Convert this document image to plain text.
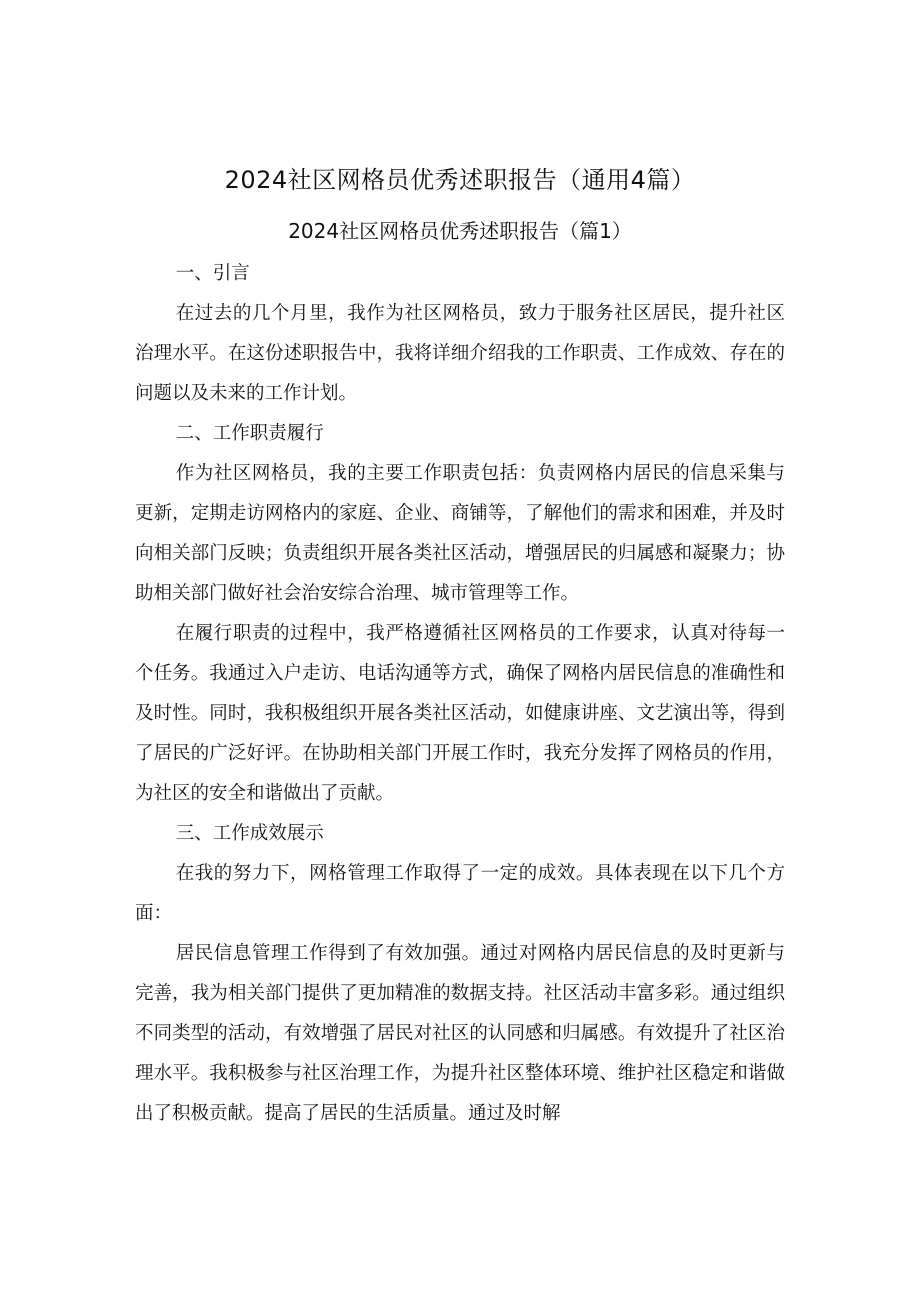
2024社区网格员优秀述职报告（通用4篇）
2024社区网格员优秀述职报告（篇1）
一、引言

在过去的几个月里，我作为社区网格员，致力于服务社区居民，提升社区治理水平。在这份述职报告中，我将详细介绍我的工作职责、工作成效、存在的问题以及未来的工作计划。

二、工作职责履行

作为社区网格员，我的主要工作职责包括：负责网格内居民的信息采集与更新，定期走访网格内的家庭、企业、商铺等，了解他们的需求和困难，并及时向相关部门反映；负责组织开展各类社区活动，增强居民的归属感和凝聚力；协助相关部门做好社会治安综合治理、城市管理等工作。

在履行职责的过程中，我严格遵循社区网格员的工作要求，认真对待每一个任务。我通过入户走访、电话沟通等方式，确保了网格内居民信息的准确性和及时性。同时，我积极组织开展各类社区活动，如健康讲座、文艺演出等，得到了居民的广泛好评。在协助相关部门开展工作时，我充分发挥了网格员的作用，为社区的安全和谐做出了贡献。

三、工作成效展示

在我的努力下，网格管理工作取得了一定的成效。具体表现在以下几个方面：

居民信息管理工作得到了有效加强。通过对网格内居民信息的及时更新与完善，我为相关部门提供了更加精准的数据支持。社区活动丰富多彩。通过组织不同类型的活动，有效增强了居民对社区的认同感和归属感。有效提升了社区治理水平。我积极参与社区治理工作，为提升社区整体环境、维护社区稳定和谐做出了积极贡献。提高了居民的生活质量。通过及时解
